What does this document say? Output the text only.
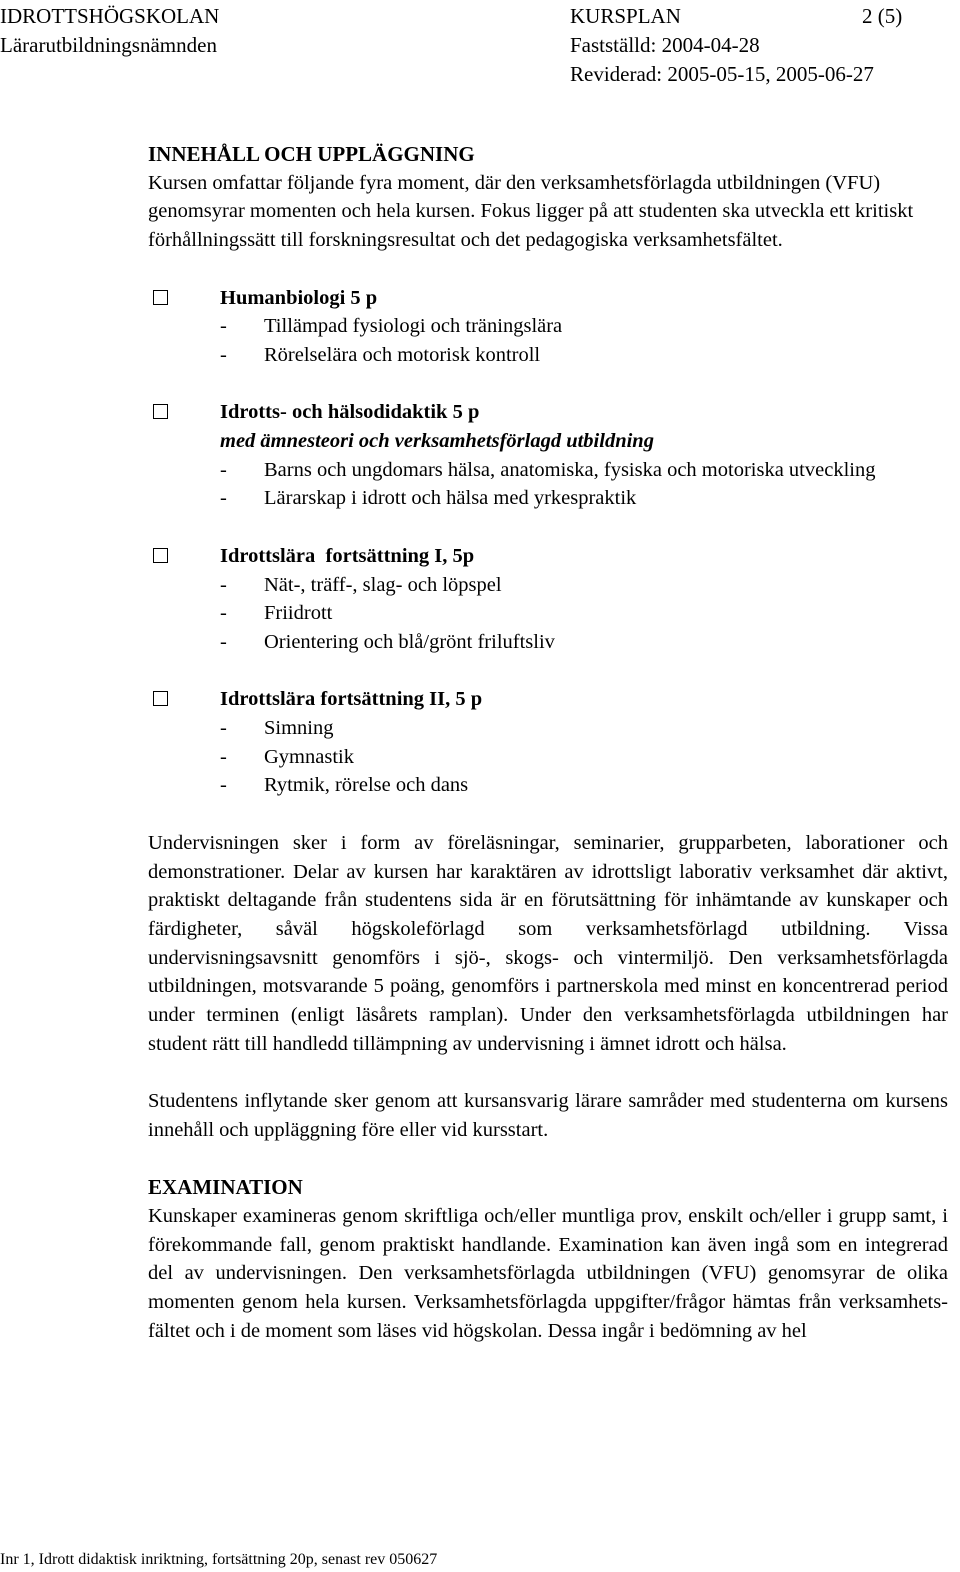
IDROTTSHÖGSKOLAN
Lärarutbildningsnämnden
KURSPLAN	2 (5)
Fastställd: 2004-04-28
Reviderad: 2005-05-15, 2005-06-27
INNEHÅLL OCH UPPLÄGGNING

Kursen omfattar följande fyra moment, där den verksamhetsförlagda utbildningen (VFU) genomsyrar momenten och hela kursen. Fokus ligger på att studenten ska utveckla ett kritiskt förhållningssätt till forskningsresultat och det pedagogiska verksamhetsfältet.

Humanbiologi 5 p
- Tillämpad fysiologi och träningslära
- Rörelselära och motorisk kontroll
Idrotts- och hälsodidaktik 5 p
med ämnesteori och verksamhetsförlagd utbildning
- Barns och ungdomars hälsa, anatomiska, fysiska och motoriska utveckling
- Lärarskap i idrott och hälsa med yrkespraktik
Idrottslära  fortsättning I, 5p
- Nät-, träff-, slag- och löpspel
- Friidrott
- Orientering och blå/grönt friluftsliv
Idrottslära fortsättning II, 5 p
- Simning
- Gymnastik
- Rytmik, rörelse och dans

Undervisningen sker i form av föreläsningar, seminarier, grupparbeten, laborationer och demonstrationer. Delar av kursen har karaktären av idrottsligt laborativ verksamhet där aktivt, praktiskt deltagande från studentens sida är en förutsättning för inhämtande av kunskaper och färdigheter, såväl högskoleförlagd som verksamhetsförlagd utbildning. Vissa undervisningsavsnitt genomförs i sjö-, skogs- och vintermiljö. Den verksamhetsförlagda utbildningen, motsvarande 5 poäng, genomförs i partnerskola med minst en koncentrerad period under terminen (enligt läsårets ramplan). Under den verksamhetsförlagda utbildningen har student rätt till handledd tillämpning av undervisning i ämnet idrott och hälsa.

Studentens inflytande sker genom att kursansvarig lärare samråder med studenterna om kursens innehåll och uppläggning före eller vid kursstart.

EXAMINATION

Kunskaper examineras genom skriftliga och/eller muntliga prov, enskilt och/eller i grupp samt, i förekommande fall, genom praktiskt handlande. Examination kan även ingå som en integrerad del av undervisningen. Den verksamhetsförlagda utbildningen (VFU) genomsyrar de olika momenten genom hela kursen. Verksamhetsförlagda uppgifter/frågor hämtas från verksamhets-fältet och i de moment som läses vid högskolan. Dessa ingår i bedömning av hel

Inr 1, Idrott didaktisk inriktning, fortsättning 20p, senast rev 050627
